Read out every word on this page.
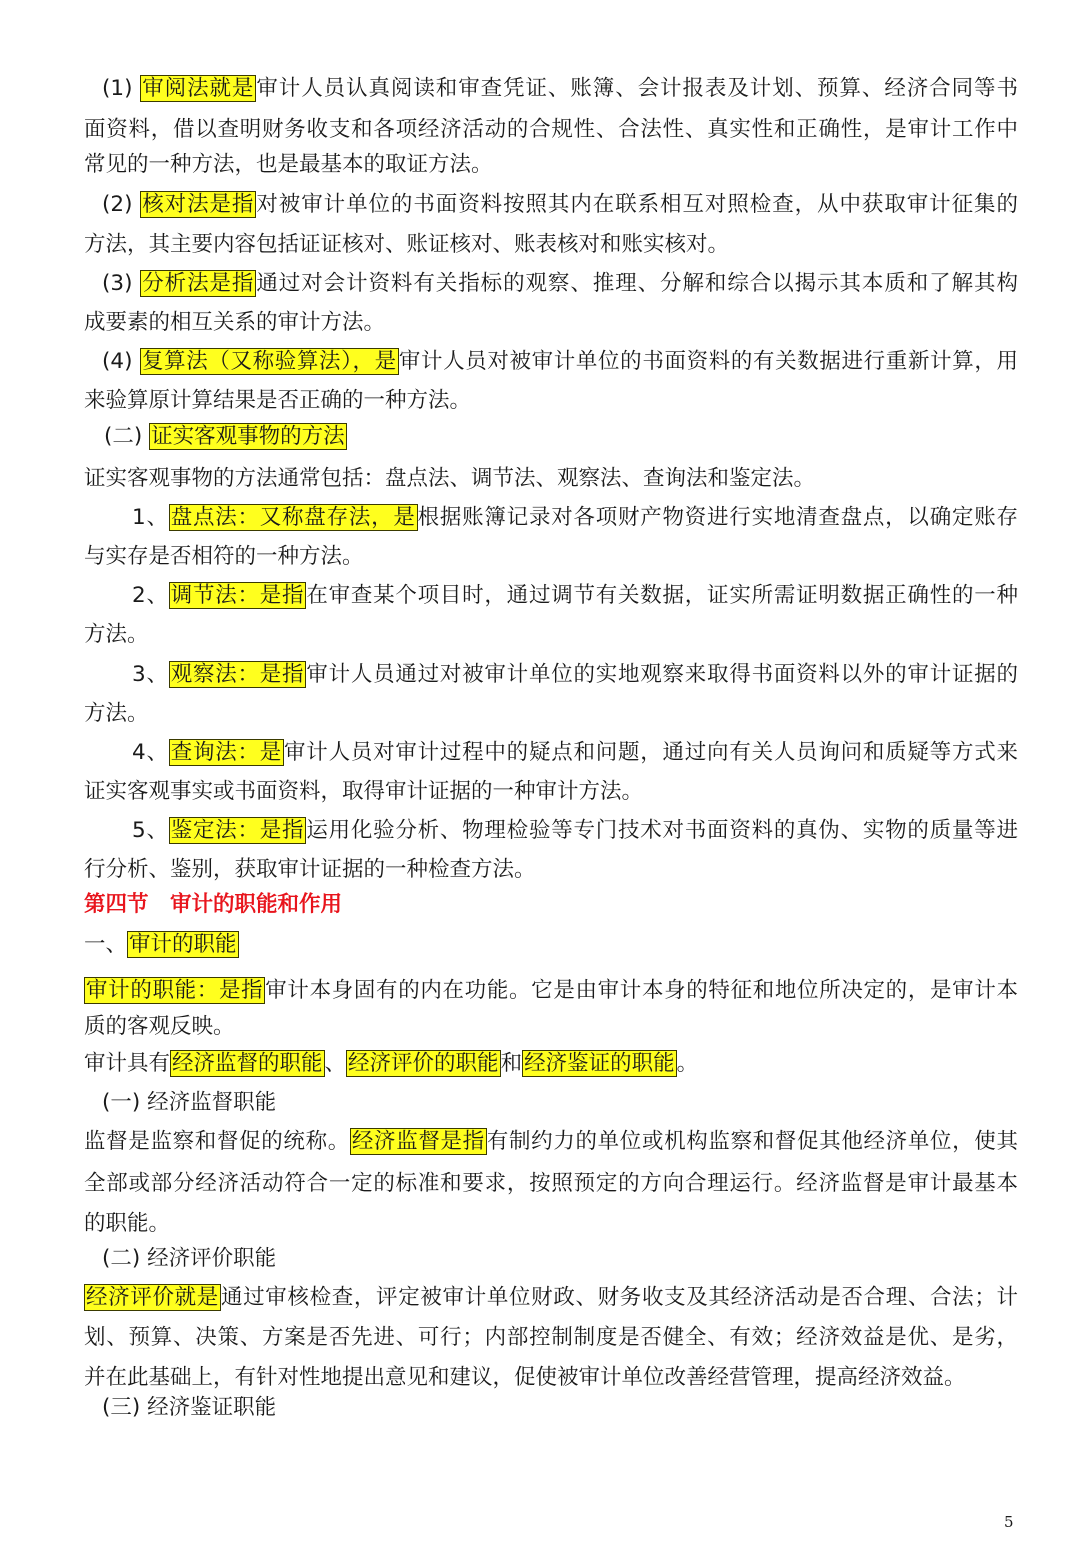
(1) 审阅法就是审计人员认真阅读和审查凭证、账簿、会计报表及计划、预算、经济合同等书
面资料，借以查明财务收支和各项经济活动的合规性、合法性、真实性和正确性，是审计工作中
常见的一种方法，也是最基本的取证方法。
(2) 核对法是指对被审计单位的书面资料按照其内在联系相互对照检查，从中获取审计征集的
方法，其主要内容包括证证核对、账证核对、账表核对和账实核对。
(3) 分析法是指通过对会计资料有关指标的观察、推理、分解和综合以揭示其本质和了解其构
成要素的相互关系的审计方法。
(4) 复算法（又称验算法），是审计人员对被审计单位的书面资料的有关数据进行重新计算，用
来验算原计算结果是否正确的一种方法。
(二) 证实客观事物的方法
证实客观事物的方法通常包括：盘点法、调节法、观察法、查询法和鉴定法。
1、盘点法：又称盘存法，是根据账簿记录对各项财产物资进行实地清查盘点，以确定账存
与实存是否相符的一种方法。
2、调节法：是指在审查某个项目时，通过调节有关数据，证实所需证明数据正确性的一种
方法。
3、观察法：是指审计人员通过对被审计单位的实地观察来取得书面资料以外的审计证据的
方法。
4、查询法：是审计人员对审计过程中的疑点和问题，通过向有关人员询问和质疑等方式来
证实客观事实或书面资料，取得审计证据的一种审计方法。
5、鉴定法：是指运用化验分析、物理检验等专门技术对书面资料的真伪、实物的质量等进
行分析、鉴别，获取审计证据的一种检查方法。
第四节　审计的职能和作用
一、审计的职能
审计的职能：是指审计本身固有的内在功能。它是由审计本身的特征和地位所决定的，是审计本
质的客观反映。
审计具有经济监督的职能、经济评价的职能和经济鉴证的职能。
(一) 经济监督职能
监督是监察和督促的统称。经济监督是指有制约力的单位或机构监察和督促其他经济单位，使其
全部或部分经济活动符合一定的标准和要求，按照预定的方向合理运行。经济监督是审计最基本
的职能。
(二) 经济评价职能
经济评价就是通过审核检查，评定被审计单位财政、财务收支及其经济活动是否合理、合法；计
划、预算、决策、方案是否先进、可行；内部控制制度是否健全、有效；经济效益是优、是劣，
并在此基础上，有针对性地提出意见和建议，促使被审计单位改善经营管理，提高经济效益。
(三) 经济鉴证职能
5
